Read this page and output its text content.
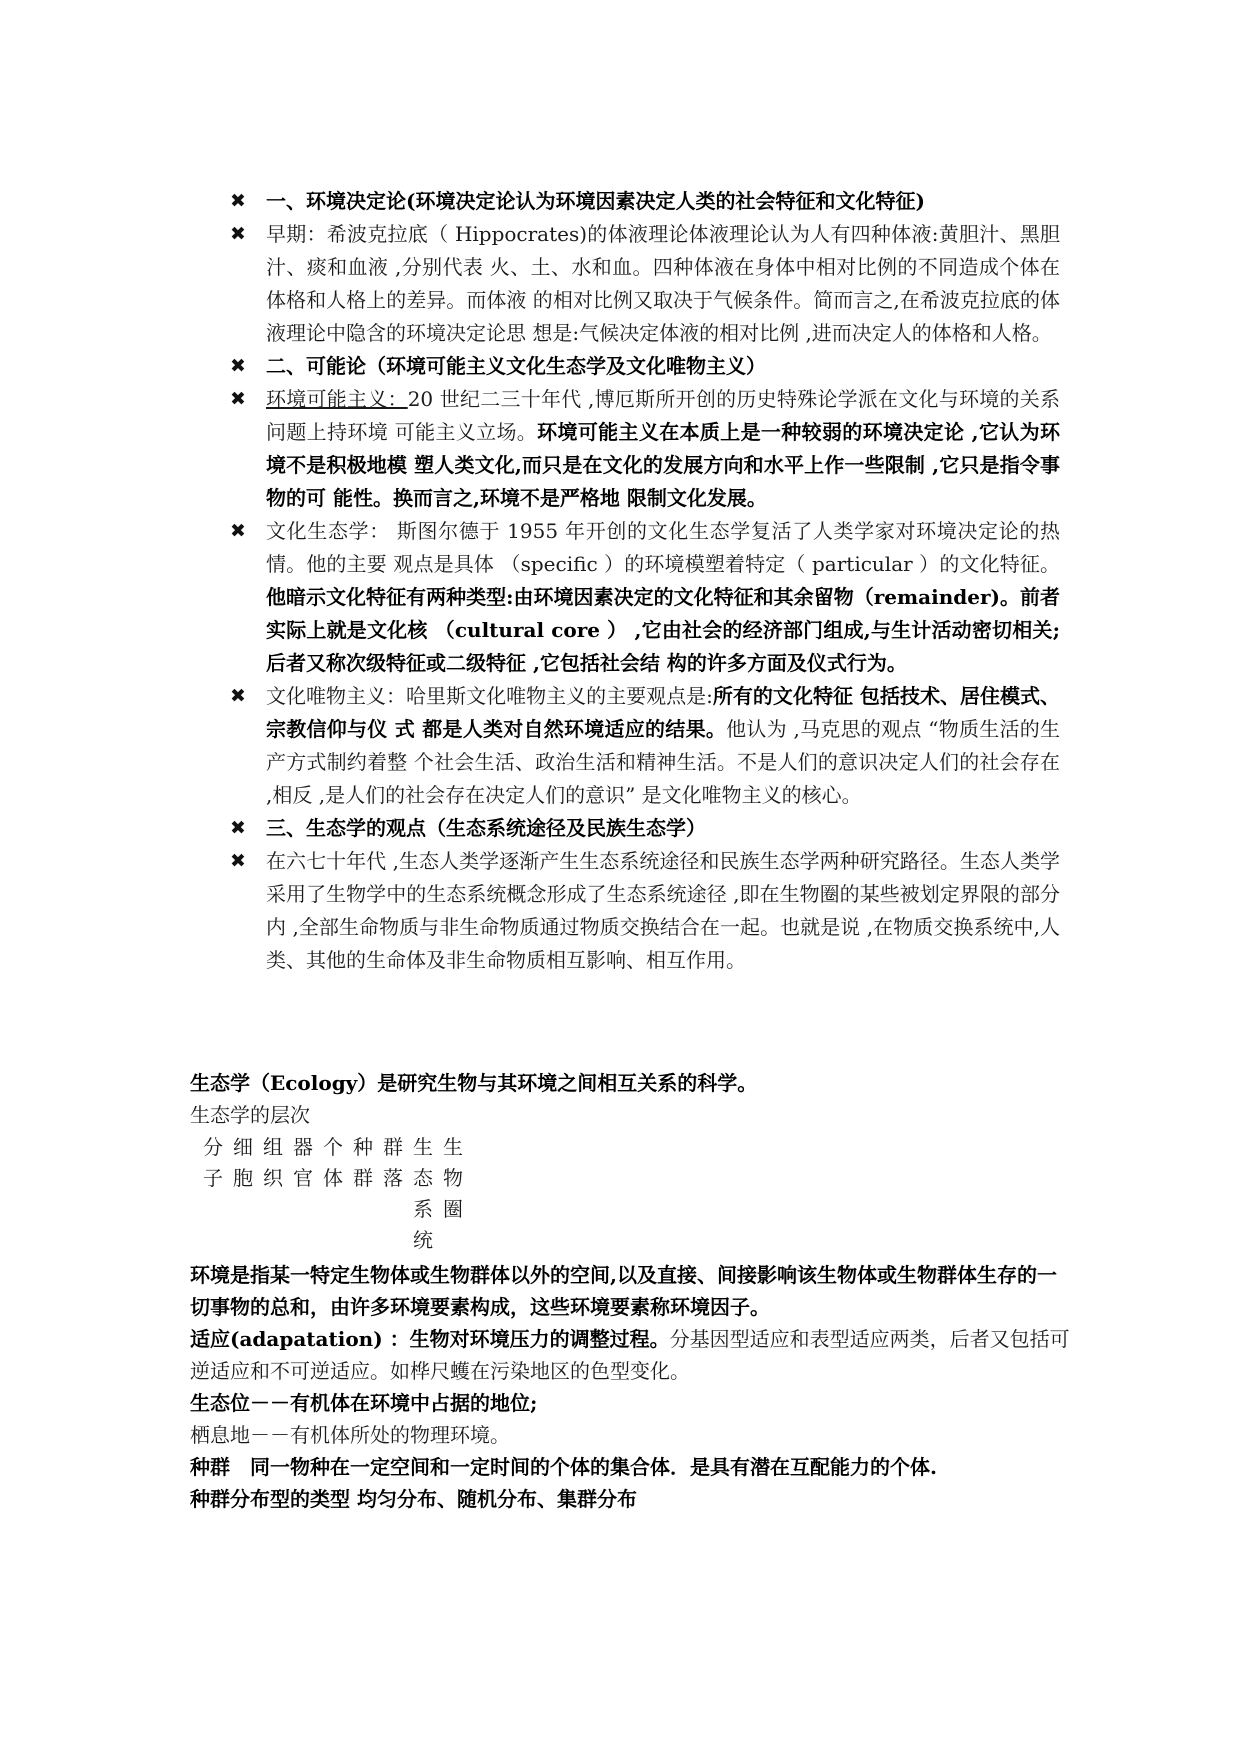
✖ 一、环境决定论(环境决定论认为环境因素决定人类的社会特征和文化特征)
✖ 早期：希波克拉底（ Hippocrates)的体液理论体液理论认为人有四种体液:黄胆汁、黑胆汁、痰和血液 ,分别代表 火、土、水和血。四种体液在身体中相对比例的不同造成个体在体格和人格上的差异。而体液 的相对比例又取决于气候条件。简而言之,在希波克拉底的体液理论中隐含的环境决定论思 想是:气候决定体液的相对比例 ,进而决定人的体格和人格。
✖ 二、可能论（环境可能主义文化生态学及文化唯物主义）
✖ 环境可能主义：20 世纪二三十年代 ,博厄斯所开创的历史特殊论学派在文化与环境的关系问题上持环境 可能主义立场。环境可能主义在本质上是一种较弱的环境决定论 ,它认为环境不是积极地模 塑人类文化,而只是在文化的发展方向和水平上作一些限制 ,它只是指令事物的可 能性。换而言之,环境不是严格地 限制文化发展。
✖ 文化生态学： 斯图尔德于 1955 年开创的文化生态学复活了人类学家对环境决定论的热情。他的主要 观点是具体 （specific ）的环境模塑着特定（ particular ）的文化特征。他暗示文化特征有两种类型:由环境因素决定的文化特征和其余留物（remainder)。前者实际上就是文化核 （cultural core ） ,它由社会的经济部门组成,与生计活动密切相关;后者又称次级特征或二级特征 ,它包括社会结 构的许多方面及仪式行为。
✖ 文化唯物主义：哈里斯文化唯物主义的主要观点是:所有的文化特征 包括技术、居住模式、宗教信仰与仪 式 都是人类对自然环境适应的结果。他认为 ,马克思的观点 “物质生活的生产方式制约着整 个社会生活、政治生活和精神生活。不是人们的意识决定人们的社会存在 ,相反 ,是人们的社会存在决定人们的意识” 是文化唯物主义的核心。
✖ 三、生态学的观点（生态系统途径及民族生态学）
✖ 在六七十年代 ,生态人类学逐渐产生生态系统途径和民族生态学两种研究路径。生态人类学采用了生物学中的生态系统概念形成了生态系统途径 ,即在生物圈的某些被划定界限的部分内 ,全部生命物质与非生命物质通过物质交换结合在一起。也就是说 ,在物质交换系统中,人类、其他的生命体及非生命物质相互影响、相互作用。
生态学（Ecology）是研究生物与其环境之间相互关系的科学。
生态学的层次
分 细 组 器 个 种 群 生 生
子 胞 织 官 体 群 落 态 物
系 圈
统
环境是指某一特定生物体或生物群体以外的空间,以及直接、间接影响该生物体或生物群体生存的一切事物的总和，由许多环境要素构成，这些环境要素称环境因子。
适应(adapatation) ：生物对环境压力的调整过程。分基因型适应和表型适应两类，后者又包括可逆适应和不可逆适应。如桦尺蠖在污染地区的色型变化。
生态位－－有机体在环境中占据的地位;
栖息地－－有机体所处的物理环境。
种群　同一物种在一定空间和一定时间的个体的集合体．是具有潜在互配能力的个体.
种群分布型的类型 均匀分布、随机分布、集群分布
